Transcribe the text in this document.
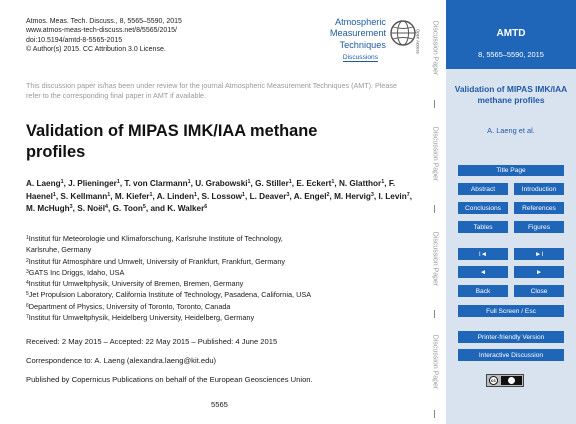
Atmos. Meas. Tech. Discuss., 8, 5565–5590, 2015
www.atmos-meas-tech-discuss.net/8/5565/2015/
doi:10.5194/amtd-8-5565-2015
© Author(s) 2015. CC Attribution 3.0 License.
Atmospheric
Measurement
Techniques
Discussions
Open Access
This discussion paper is/has been under review for the journal Atmospheric Measurement Techniques (AMT). Please refer to the corresponding final paper in AMT if available.
Validation of MIPAS IMK/IAA methane
profiles
A. Laeng$^1$, J. Plieninger$^1$, T. von Clarmann$^1$, U. Grabowski$^1$, G. Stiller$^1$, E. Eckert$^1$, N. Glatthor$^1$, F. Haenel$^1$, S. Kellmann$^1$, M. Kiefer$^1$, A. Linden$^1$, S. Lossow$^1$, L. Deaver$^3$, A. Engel$^2$, M. Hervig$^3$, I. Levin$^7$, M. McHugh$^3$, S. Noël$^4$, G. Toon$^5$, and K. Walker$^6$
$^1$Institut für Meteorologie und Klimaforschung, Karlsruhe Institute of Technology,
Karlsruhe, Germany
$^2$Institut für Atmosphäre und Umwelt, University of Frankfurt, Frankfurt, Germany
$^3$GATS Inc Driggs, Idaho, USA
$^4$Institut für Umweltphysik, University of Bremen, Bremen, Germany
$^5$Jet Propulsion Laboratory, California Institute of Technology, Pasadena, California, USA
$^6$Department of Physics, University of Toronto, Toronto, Canada
$^7$Institut für Umweltphysik, Heidelberg University, Heidelberg, Germany
Received: 2 May 2015 – Accepted: 22 May 2015 – Published: 4 June 2015
Correspondence to: A. Laeng (alexandra.laeng@kit.edu)
Published by Copernicus Publications on behalf of the European Geosciences Union.
5565
Discussion Paper
Discussion Paper
Discussion Paper
Discussion Paper
AMTD
8, 5565–5590, 2015
Validation of MIPAS IMK/IAA methane profiles
A. Laeng et al.
Title Page
Abstract	Introduction
Conclusions	References
Tables	Figures
I◄	►I
◄	►
Back	Close
Full Screen / Esc
Printer-friendly Version
Interactive Discussion
cc
